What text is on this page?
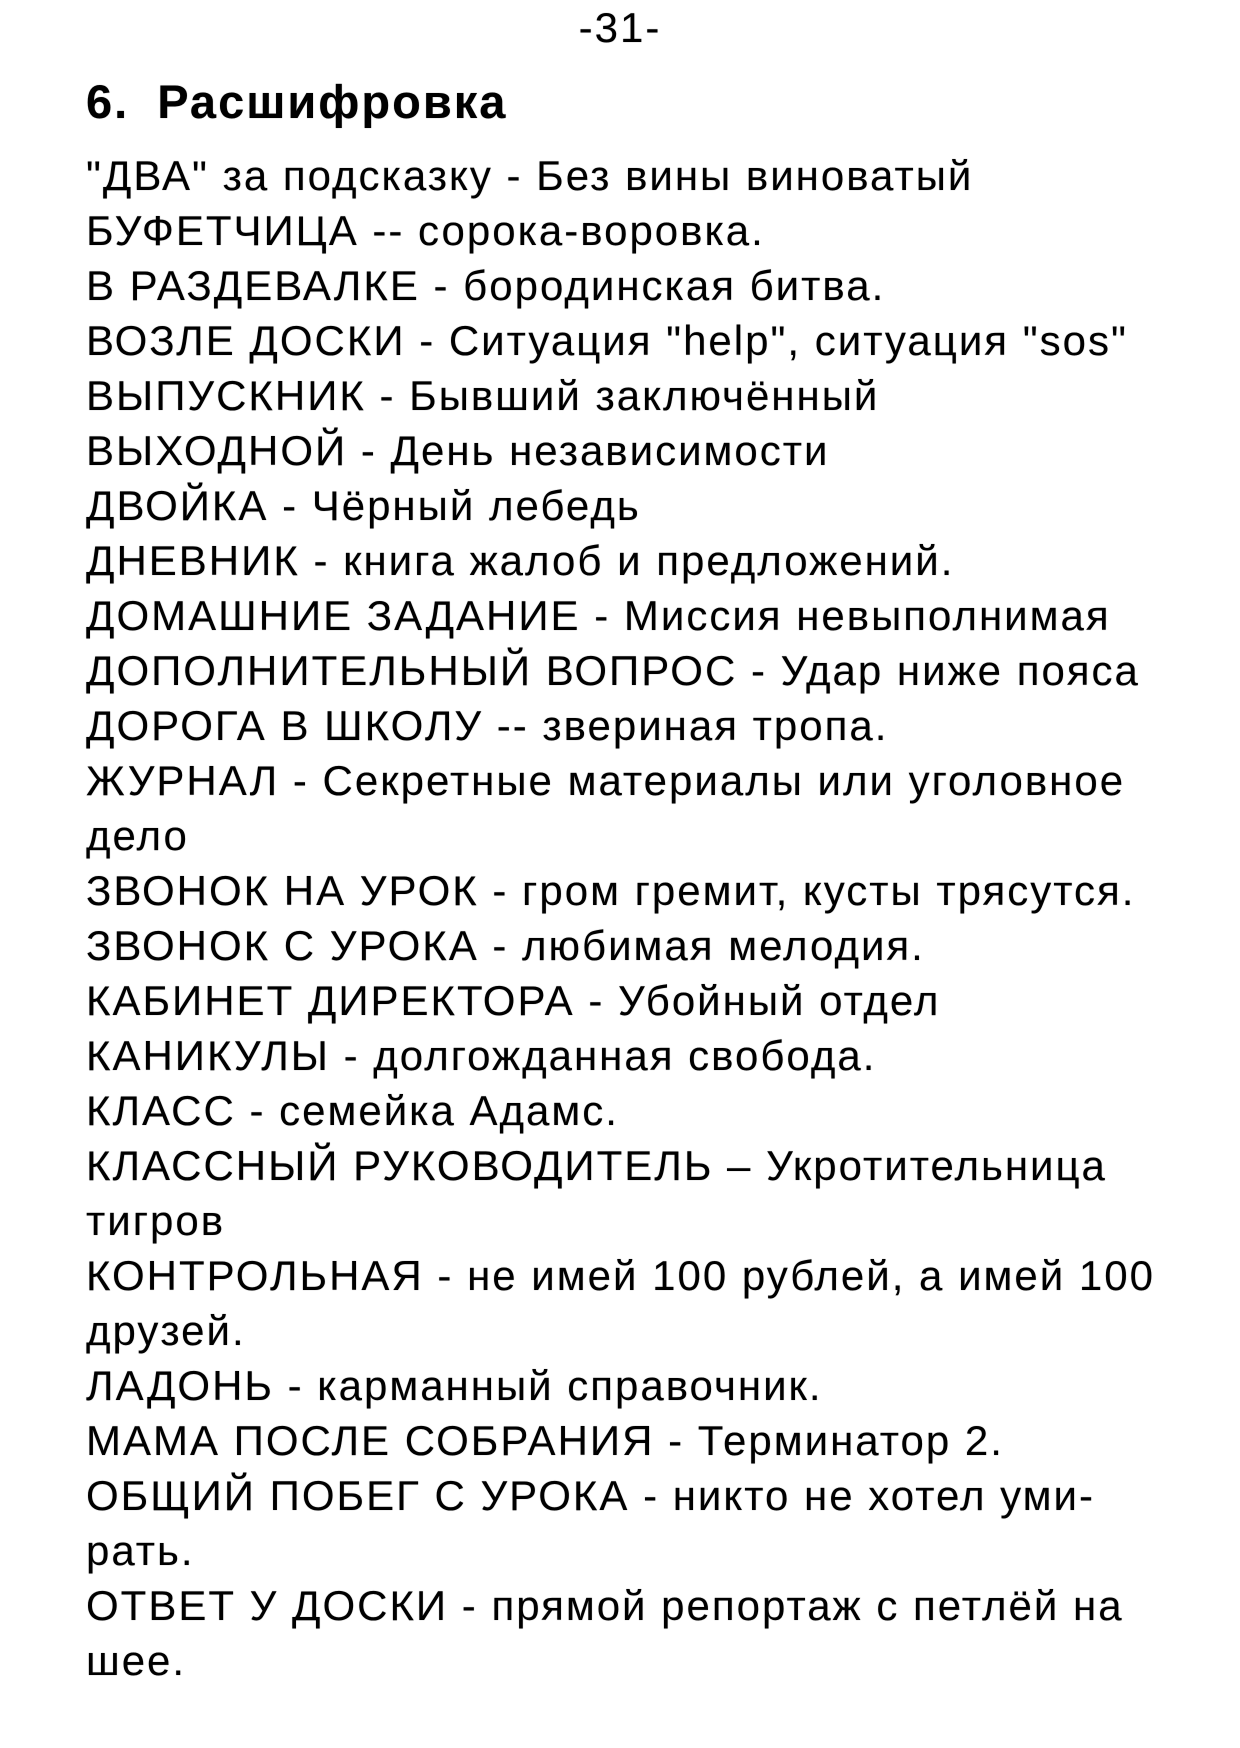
-31-
6. Расшифровка
"ДВА" за подсказку - Без вины виноватый
БУФЕТЧИЦА -- сорока-воровка.
В РАЗДЕВАЛКЕ - бородинская битва.
ВОЗЛЕ ДОСКИ - Ситуация "help", ситуация "sos"
ВЫПУСКНИК - Бывший заключённый
ВЫХОДНОЙ - День независимости
ДВОЙКА - Чёрный лебедь
ДНЕВНИК - книга жалоб и предложений.
ДОМАШНИЕ ЗАДАНИЕ - Миссия невыполнимая
ДОПОЛНИТЕЛЬНЫЙ ВОПРОС - Удар ниже пояса
ДОРОГА В ШКОЛУ -- звериная тропа.
ЖУРНАЛ - Секретные материалы или уголовное
дело
ЗВОНОК НА УРОК - гром гремит, кусты трясутся.
ЗВОНОК С УРОКА - любимая мелодия.
КАБИНЕТ ДИРЕКТОРА - Убойный отдел
КАНИКУЛЫ - долгожданная свобода.
КЛАСС - семейка Адамс.
КЛАССНЫЙ РУКОВОДИТЕЛЬ – Укротительница
тигров
КОНТРОЛЬНАЯ - не имей 100 рублей, а имей 100
друзей.
ЛАДОНЬ - карманный справочник.
МАМА ПОСЛЕ СОБРАНИЯ - Терминатор 2.
ОБЩИЙ ПОБЕГ С УРОКА - никто не хотел уми-
рать.
ОТВЕТ У ДОСКИ - прямой репортаж с петлёй на
шее.
